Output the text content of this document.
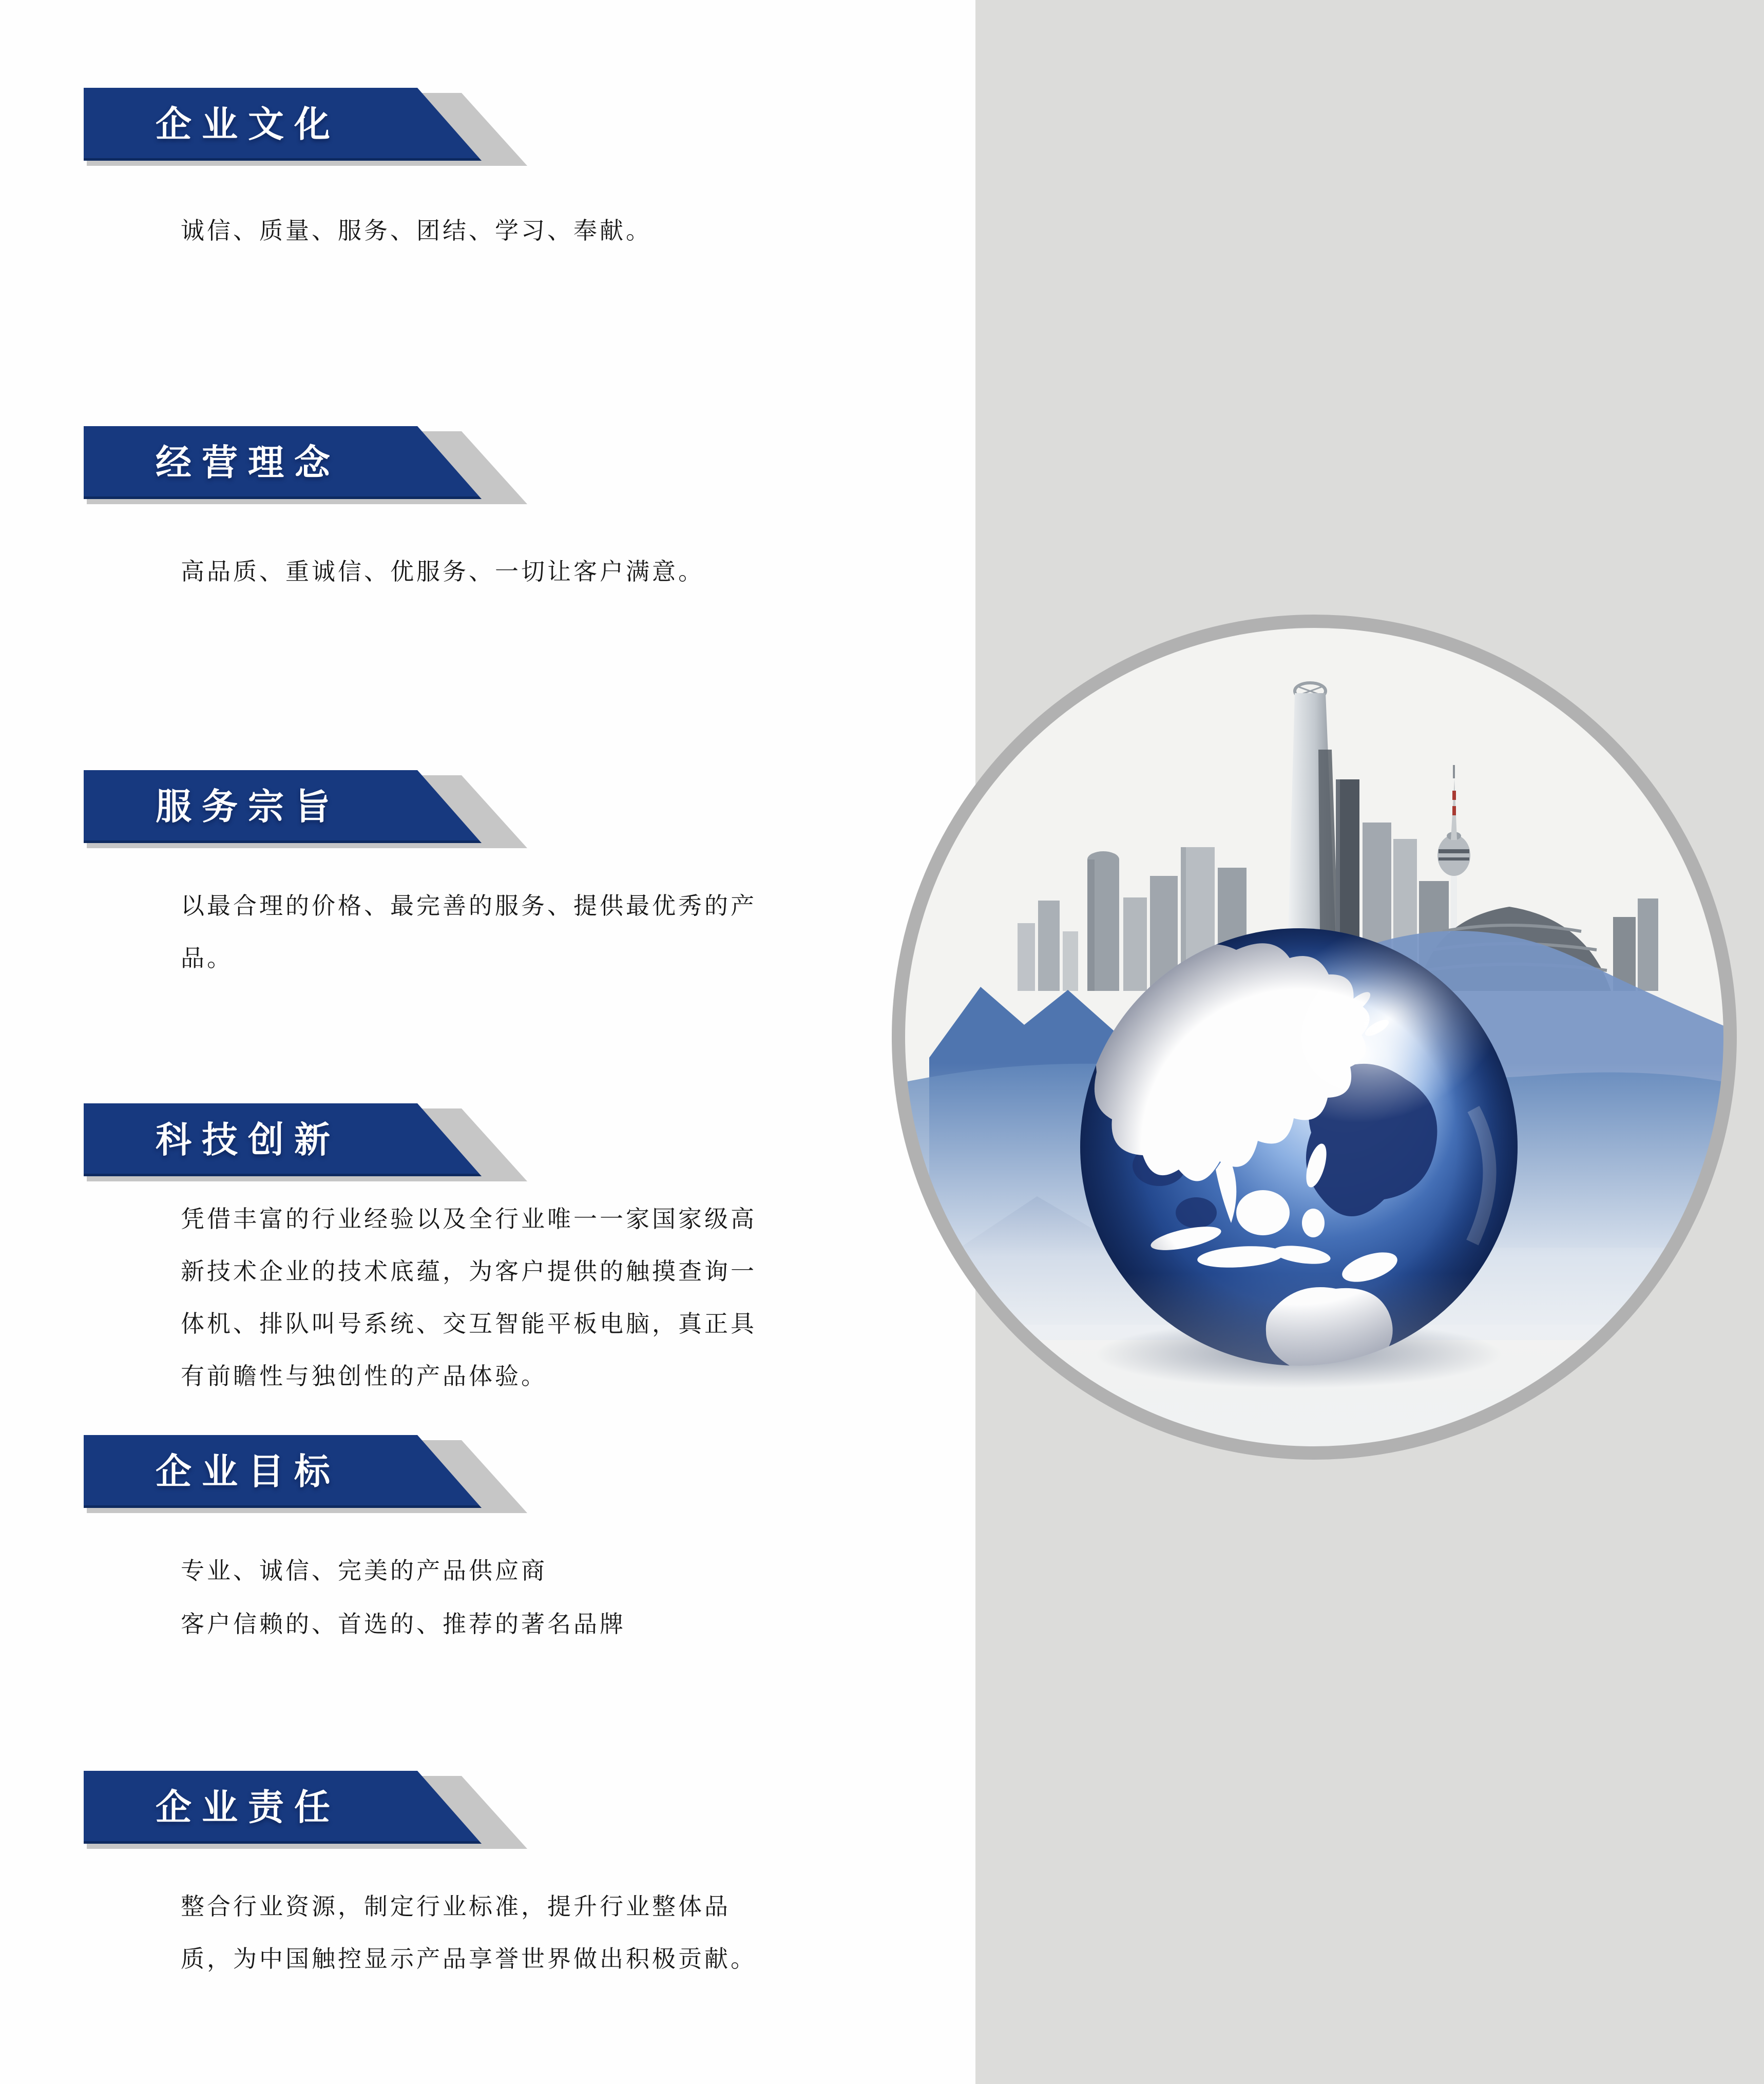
企业文化
经营理念
服务宗旨
科技创新
企业目标
企业责任
诚信、质量、服务、团结、学习、奉献。
高品质、重诚信、优服务、一切让客户满意。
以最合理的价格、最完善的服务、提供最优秀的产品。
凭借丰富的行业经验以及全行业唯一一家国家级高新技术企业的技术底蕴，为客户提供的触摸查询一体机、排队叫号系统、交互智能平板电脑，真正具有前瞻性与独创性的产品体验。
专业、诚信、完美的产品供应商
客户信赖的、首选的、推荐的著名品牌
整合行业资源，制定行业标准，提升行业整体品质，为中国触控显示产品享誉世界做出积极贡献。
